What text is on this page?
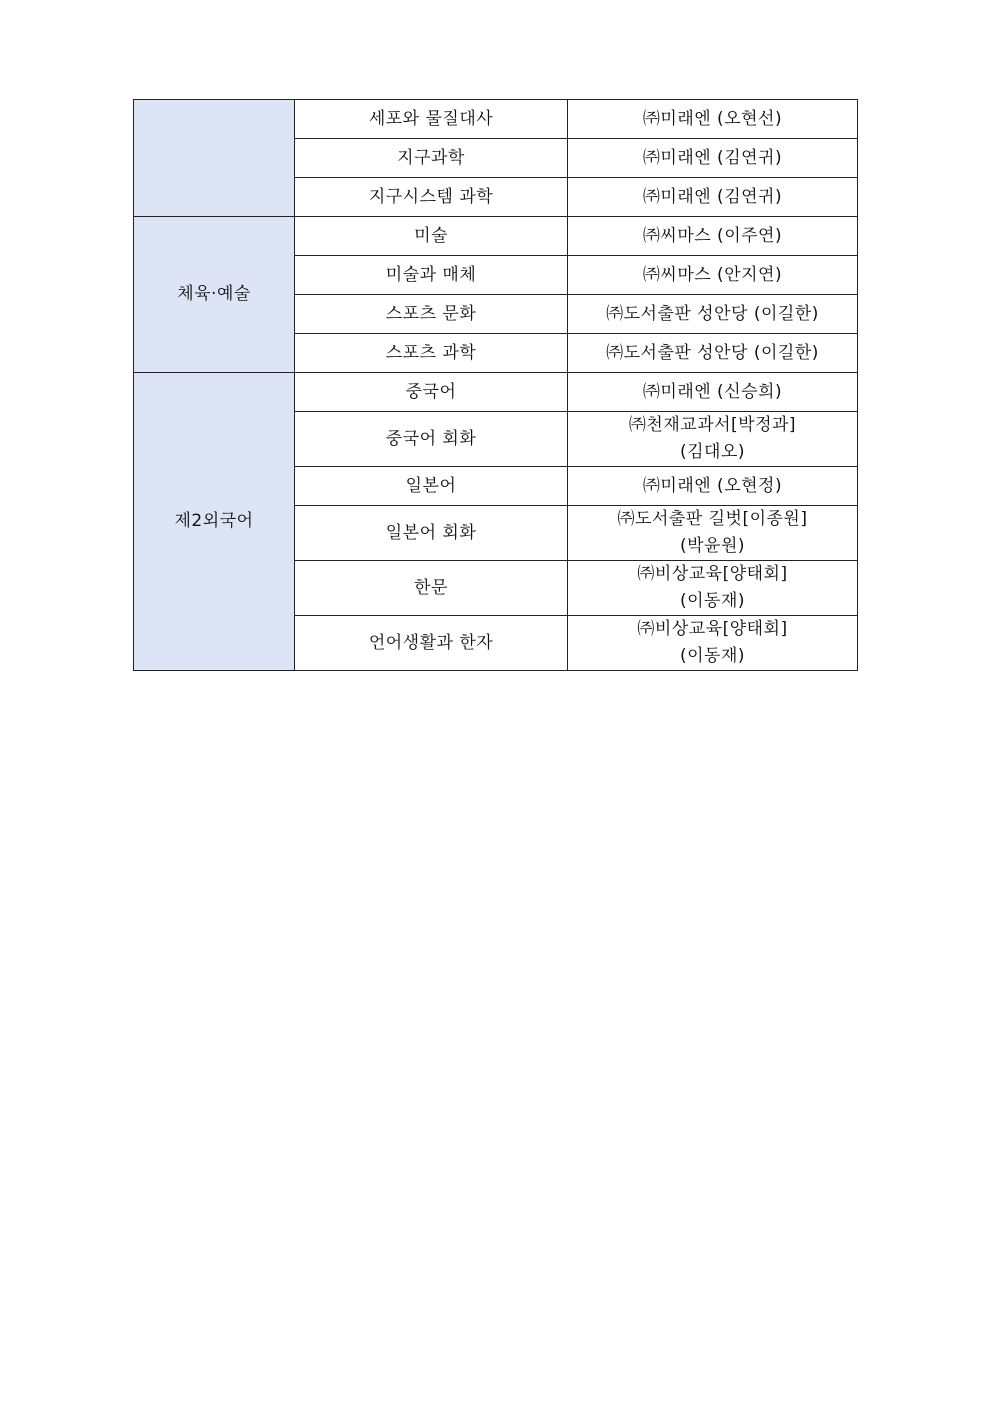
	세포와 물질대사	㈜미래엔 (오현선)

	지구과학	㈜미래엔 (김연귀)

	지구시스템 과학	㈜미래엔 (김연귀)

체육·예술	미술	㈜씨마스 (이주연)

	미술과 매체	㈜씨마스 (안지연)

	스포츠 문화	㈜도서출판 성안당 (이길한)

	스포츠 과학	㈜도서출판 성안당 (이길한)

제2외국어	중국어	㈜미래엔 (신승희)

	중국어 회화	㈜천재교과서[박정과]
(김대오)

	일본어	㈜미래엔 (오현정)

	일본어 회화	㈜도서출판 길벗[이종원]
(박윤원)

	한문	㈜비상교육[양태회]
(이동재)

	언어생활과 한자	㈜비상교육[양태회]
(이동재)
